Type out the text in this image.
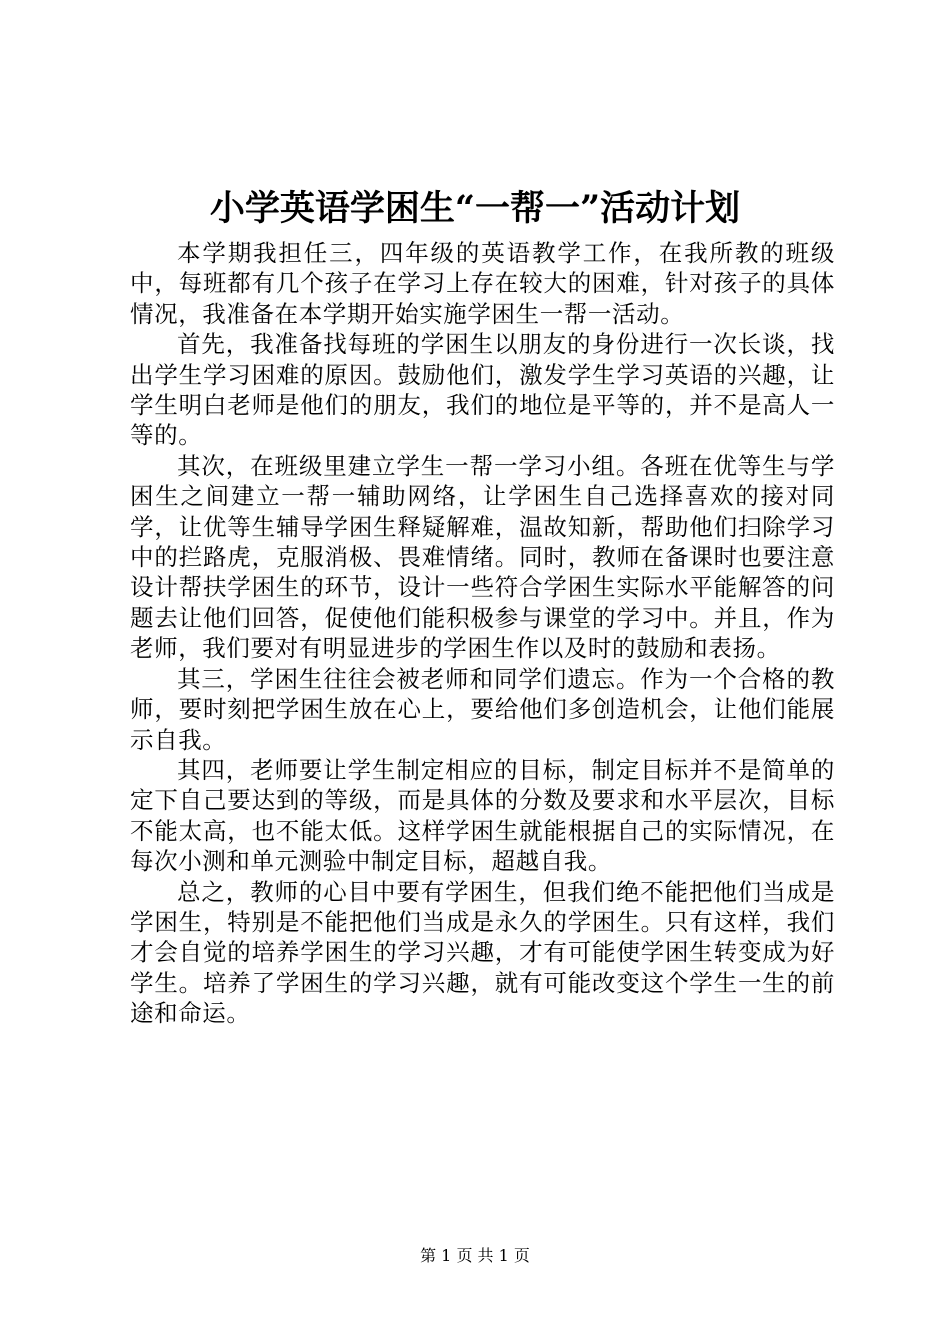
小学英语学困生“一帮一”活动计划

本学期我担任三，四年级的英语教学工作，在我所教的班级中，每班都有几个孩子在学习上存在较大的困难，针对孩子的具体情况，我准备在本学期开始实施学困生一帮一活动。

首先，我准备找每班的学困生以朋友的身份进行一次长谈，找出学生学习困难的原因。鼓励他们，激发学生学习英语的兴趣，让学生明白老师是他们的朋友，我们的地位是平等的，并不是高人一等的。

其次，在班级里建立学生一帮一学习小组。各班在优等生与学困生之间建立一帮一辅助网络，让学困生自己选择喜欢的接对同学，让优等生辅导学困生释疑解难，温故知新，帮助他们扫除学习中的拦路虎，克服消极、畏难情绪。同时，教师在备课时也要注意设计帮扶学困生的环节，设计一些符合学困生实际水平能解答的问题去让他们回答，促使他们能积极参与课堂的学习中。并且，作为老师，我们要对有明显进步的学困生作以及时的鼓励和表扬。

其三，学困生往往会被老师和同学们遗忘。作为一个合格的教师，要时刻把学困生放在心上，要给他们多创造机会，让他们能展示自我。

其四，老师要让学生制定相应的目标，制定目标并不是简单的定下自己要达到的等级，而是具体的分数及要求和水平层次，目标不能太高，也不能太低。这样学困生就能根据自己的实际情况，在每次小测和单元测验中制定目标，超越自我。

总之，教师的心目中要有学困生，但我们绝不能把他们当成是学困生，特别是不能把他们当成是永久的学困生。只有这样，我们才会自觉的培养学困生的学习兴趣，才有可能使学困生转变成为好学生。培养了学困生的学习兴趣，就有可能改变这个学生一生的前途和命运。

第 1 页 共 1 页
